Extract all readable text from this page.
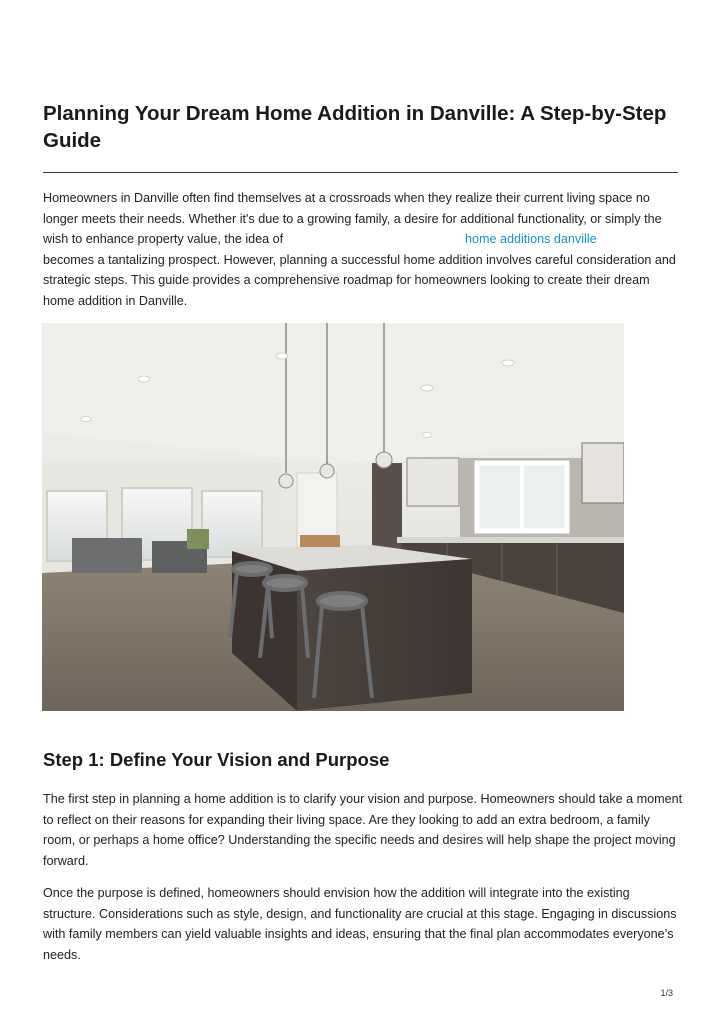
Planning Your Dream Home Addition in Danville: A Step-by-Step Guide

Homeowners in Danville often find themselves at a crossroads when they realize their current living space no longer meets their needs. Whether it's due to a growing family, a desire for additional functionality, or simply the wish to enhance property value, the idea of	home additions danville
becomes a tantalizing prospect. However, planning a successful home addition involves careful consideration and strategic steps. This guide provides a comprehensive roadmap for homeowners looking to create their dream home addition in Danville.

Step 1: Define Your Vision and Purpose

The first step in planning a home addition is to clarify your vision and purpose. Homeowners should take a moment to reflect on their reasons for expanding their living space. Are they looking to add an extra bedroom, a family room, or perhaps a home office? Understanding the specific needs and desires will help shape the project moving forward.

Once the purpose is defined, homeowners should envision how the addition will integrate into the existing structure. Considerations such as style, design, and functionality are crucial at this stage. Engaging in discussions with family members can yield valuable insights and ideas, ensuring that the final plan accommodates everyone’s needs.

1/3
